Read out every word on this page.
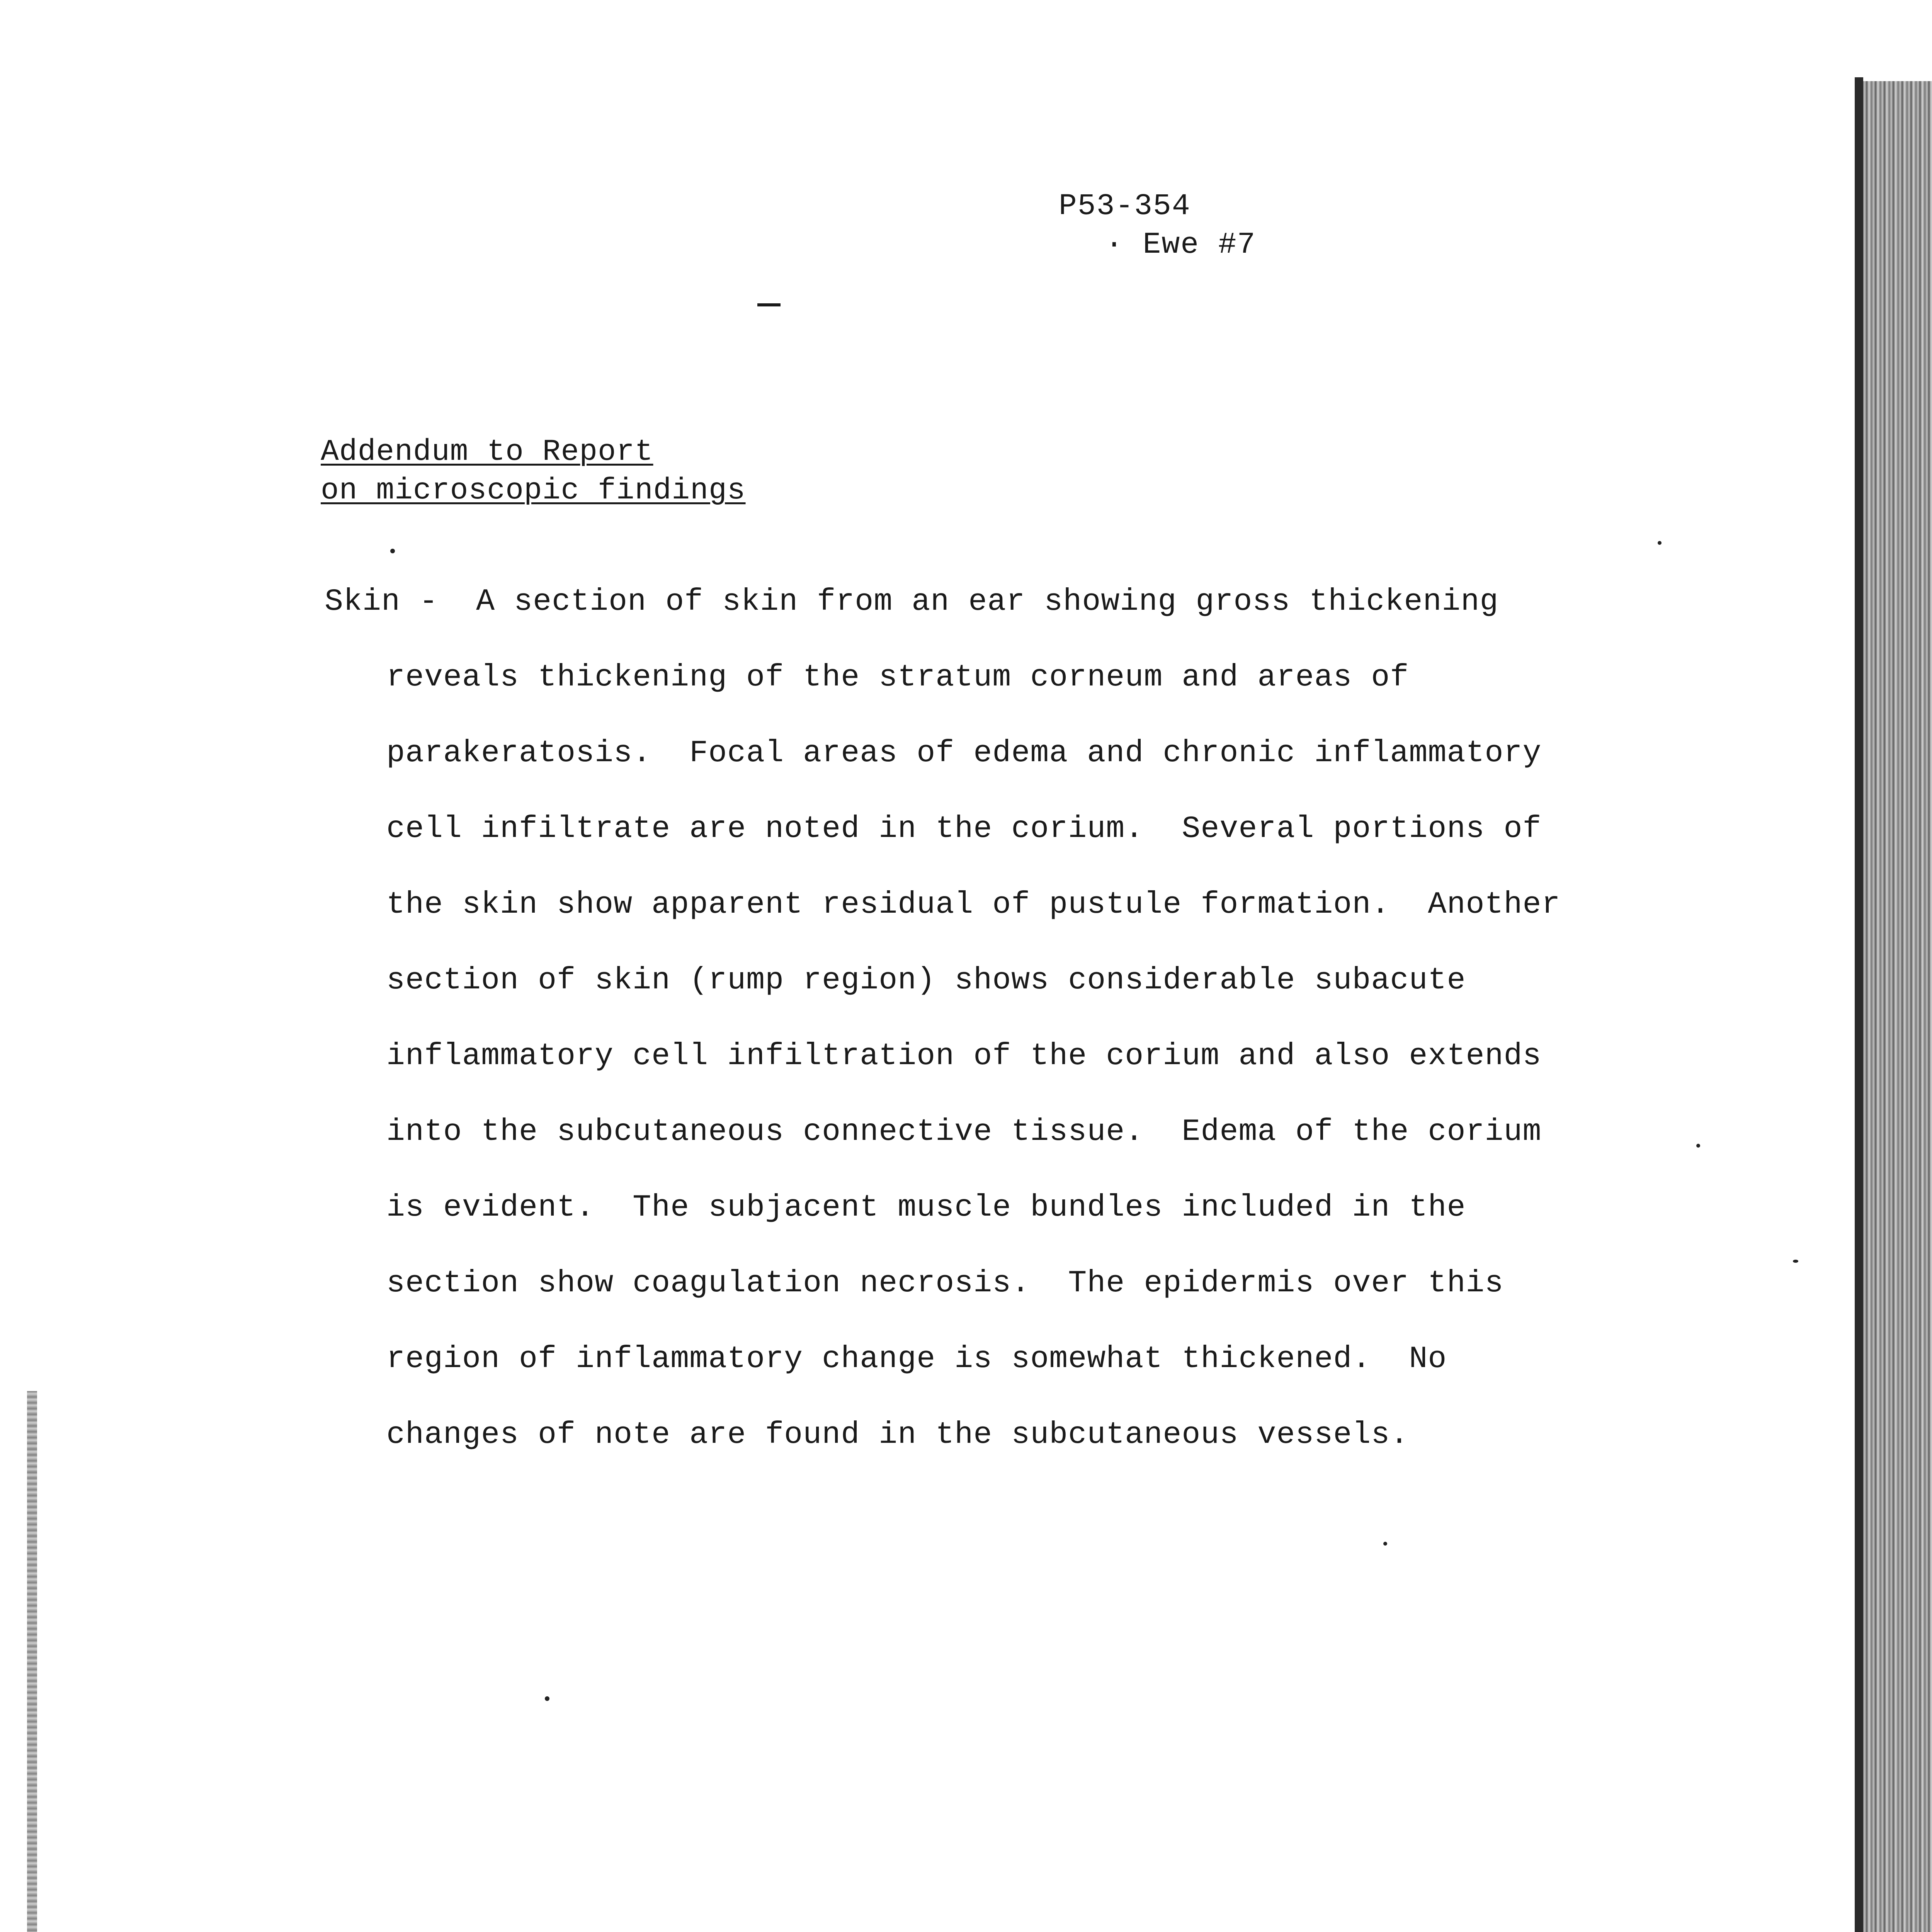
P53-354
· Ewe #7
Addendum to Report
on microscopic findings
Skin -  A section of skin from an ear showing gross thickening
reveals thickening of the stratum corneum and areas of
parakeratosis.  Focal areas of edema and chronic inflammatory
cell infiltrate are noted in the corium.  Several portions of
the skin show apparent residual of pustule formation.  Another
section of skin (rump region) shows considerable subacute
inflammatory cell infiltration of the corium and also extends
into the subcutaneous connective tissue.  Edema of the corium
is evident.  The subjacent muscle bundles included in the
section show coagulation necrosis.  The epidermis over this
region of inflammatory change is somewhat thickened.  No
changes of note are found in the subcutaneous vessels.
